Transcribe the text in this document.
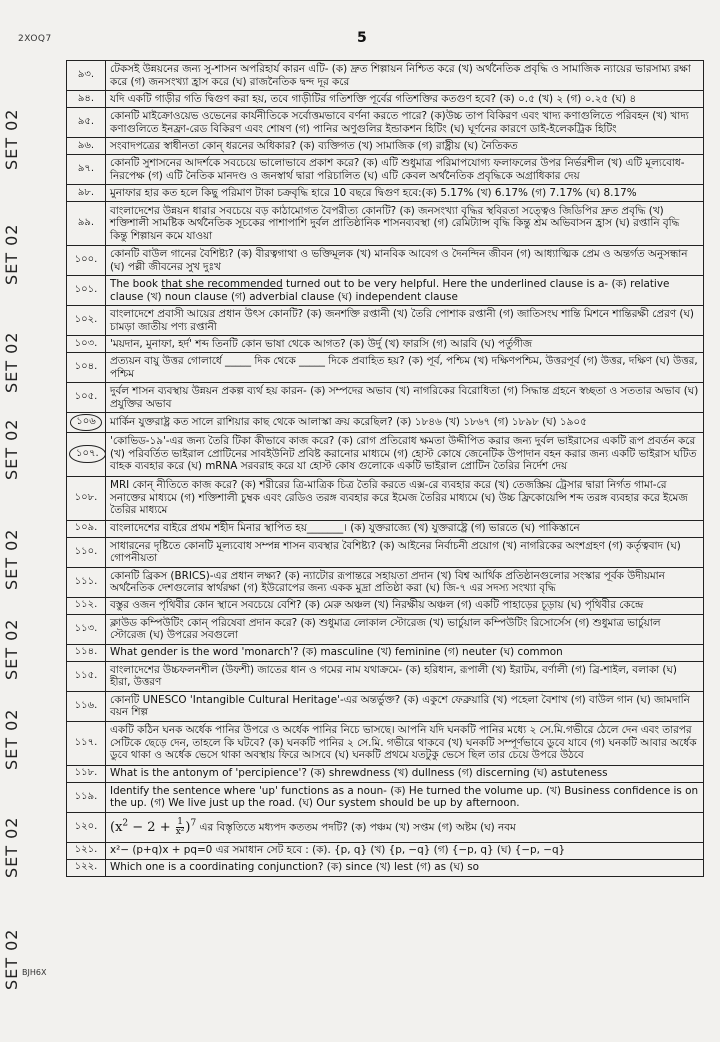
2XOQ7	5
BJH6X
SET 02
SET 02
SET 02
SET 02
SET 02
SET 02
SET 02
SET 02
SET 02
৯৩.	টেকসই উন্নয়নের জন্য সু-শাসন অপরিহার্য কারন এটি- (ক) দ্রুত শিল্পায়ন নিশ্চিত করে (খ) অর্থনৈতিক প্রবৃদ্ধি ও সামাজিক ন্যায়ের ভারসাম্য রক্ষা করে (গ) জনসংখ্যা হ্রাস করে (ঘ) রাজনৈতিক দ্বন্দ দূর করে
৯৪.	যদি একটি গাড়ীর গতি দ্বিগুণ করা হয়, তবে গাড়ীটির গতিশক্তি পূর্বের গতিশক্তির কতগুণ হবে? (ক) ০.৫ (খ) ২ (গ) ০.২৫ (ঘ) ৪
৯৫.	কোনটি মাইক্রোওয়েভ ওভেনের কার্যনীতিকে সর্বোত্তমভাবে বর্ণনা করতে পারে? (ক)উচ্চ তাপ বিকিরণ এবং খাদ্য কণাগুলিতে পরিবহন (খ) খাদ্য কণাগুলিতে ইনফ্রা-রেড বিকিরণ এবং শোষণ (গ) পানির অণুগুলির ইন্ডাকশন হিটিং (ঘ) ঘূর্ণনের কারণে ডাই-ইলেকট্রিক হিটিং
৯৬.	সংবাদপত্রের স্বাধীনতা কোন্ ধরনের অধিকার? (ক) ব্যক্তিগত (খ) সামাজিক (গ) রাষ্ট্রীয় (ঘ) নৈতিকত
৯৭.	কোনটি সুশাসনের আদর্শকে সবচেয়ে ভালোভাবে প্রকাশ করে? (ক) এটি শুধুমাত্র পরিমাপযোগ্য ফলাফলের উপর নির্ভরশীল (খ) এটি মূল্যবোধ-নিরপেক্ষ (গ) এটি নৈতিক মানদণ্ড ও জনস্বার্থ দ্বারা পরিচালিত (ঘ) এটি কেবল অর্থনৈতিক প্রবৃদ্ধিকে অগ্রাধিকার দেয়
৯৮.	মুনাফার হার কত হলে কিছু পরিমাণ টাকা চক্রবৃদ্ধি হারে 10 বছরে দ্বিগুণ হবে:(ক) 5.17% (খ) 6.17% (গ) 7.17% (ঘ) 8.17%
৯৯.	বাংলাদেশের উন্নয়ন ধারার সবচেয়ে বড় কাঠামোগত বৈপরীত্য কোনটি? (ক) জনসংখ্যা বৃদ্ধির স্থবিরতা সত্ত্বেও জিডিপির দ্রুত প্রবৃদ্ধি (খ) শক্তিশালী সামষ্টিক অর্থনৈতিক সূচকের পাশাপাশি দুর্বল প্রাতিষ্ঠানিক শাসনব্যবস্থা (গ) রেমিট্যান্স বৃদ্ধি কিন্তু শ্রম অভিবাসন হ্রাস (ঘ) রপ্তানি বৃদ্ধি কিন্তু শিল্পায়ন কমে যাওয়া
১০০.	কোনটি বাউল গানের বৈশিষ্ট্য? (ক) বীরত্বগাথা ও ভক্তিমূলক (খ) মানবিক আবেগ ও দৈনন্দিন জীবন (গ) আধ্যাত্মিক প্রেম ও অন্তর্গত অনুসন্ধান (ঘ) পল্লী জীবনের সুখ দুঃখ
১০১.	The book that she recommended turned out to be very helpful. Here the underlined clause is a- (ক) relative clause (খ) noun clause (গ) adverbial clause (ঘ) independent clause
১০২.	বাংলাদেশে প্রবাসী আয়ের প্রধান উৎস কোনটি? (ক) জনশক্তি রপ্তানী (খ) তৈরি পোশাক রপ্তানী (গ) জাতিসংঘ শান্তি মিশনে শান্তিরক্ষী প্রেরণ (ঘ) চামড়া জাতীয় পণ্য রপ্তানী
১০৩.	'ময়দান, মুনাফা, হর্দ' শব্দ তিনটি কোন ভাষা থেকে আগত? (ক) উর্দু (খ) ফারসি (গ) আরবি (ঘ) পর্তুগীজ
১০৪.	প্রত্যয়ন বায়ু উত্তর গোলার্ধে _____ দিক থেকে _____ দিকে প্রবাহিত হয়? (ক) পূর্ব, পশ্চিম (খ) দক্ষিণপশ্চিম, উত্তরপূর্ব (গ) উত্তর, দক্ষিণ (ঘ) উত্তর, পশ্চিম
১০৫.	দুর্বল শাসন ব্যবস্থায় উন্নয়ন প্রকল্প ব্যর্থ হয় কারন- (ক) সম্পদের অভাব (খ) নাগরিকের বিরোধিতা (গ) সিদ্ধান্ত গ্রহনে স্বচ্ছতা ও সততার অভাব (ঘ) প্রযুক্তির অভাব
১০৬	মার্কিন যুক্তরাষ্ট্র কত সালে রাশিয়ার কাছ থেকে আলাস্কা ক্রয় করেছিল? (ক) ১৮৪৬ (খ) ১৮৬৭ (গ) ১৮৯৮ (ঘ) ১৯০৫
১০৭.	'কোভিড-১৯'-এর জন্য তৈরি টিকা কীভাবে কাজ করে? (ক) রোগ প্রতিরোধ ক্ষমতা উদ্দীপিত করার জন্য দুর্বল ভাইরাসের একটি রূপ প্রবর্তন করে (খ) পরিবর্তিত ভাইরাল প্রোটিনের সাবইউনিট প্রবিষ্ট করানোর মাধ্যমে (গ) হোস্ট কোষে জেনেটিক উপাদান বহন করার জন্য একটি ভাইরাস ঘটিত বাহক ব্যবহার করে (ঘ) mRNA সরবরাহ করে যা হোস্ট কোষ গুলোকে একটি ভাইরাল প্রোটিন তৈরির নির্দেশ দেয়
১০৮.	MRI কোন্ নীতিতে কাজ করে? (ক) শরীরের ত্রি-মাত্রিক চিত্র তৈরি করতে এক্স-রে ব্যবহার করে (খ) তেজস্ক্রিয় ট্রেসার দ্বারা নির্গত গামা-রে সনাক্তের মাধ্যমে (গ) শক্তিশালী চুম্বক এবং রেডিও তরঙ্গ ব্যবহার করে ইমেজ তৈরির মাধ্যমে (ঘ) উচ্চ ফ্রিকোয়েন্সি শব্দ তরঙ্গ ব্যবহার করে ইমেজ তৈরির মাধ্যমে
১০৯.	বাংলাদেশের বাইরে প্রথম শহীদ মিনার স্থাপিত হয়_______। (ক) যুক্তরাজ্যে (খ) যুক্তরাষ্ট্রে (গ) ভারতে (ঘ) পাকিস্তানে
১১০.	সাধারনের দৃষ্টিতে কোনটি মূল্যবোধ সম্পন্ন শাসন ব্যবস্থার বৈশিষ্ট্য? (ক) আইনের নির্বাচনী প্রয়োগ (খ) নাগরিকের অংশগ্রহণ (গ) কর্তৃত্ববাদ (ঘ) গোপনীয়তা
১১১.	কোনটি ব্রিকস (BRICS)-এর প্রধান লক্ষ্য? (ক) ন্যাটোর রূপান্তরে সহায়তা প্রদান (খ) বিশ্ব আর্থিক প্রতিষ্ঠানগুলোর সংস্কার পূর্বক উদীয়মান অর্থনৈতিক দেশগুলোর স্বার্থরক্ষা (গ) ইউরোপের জন্য একক মুদ্রা প্রতিষ্ঠা করা (ঘ) জি-৭ এর সদস্য সংখ্যা বৃদ্ধি
১১২.	বস্তুর ওজন পৃথিবীর কোন স্থানে সবচেয়ে বেশি? (ক) মেরু অঞ্চল (খ) নিরক্ষীয় অঞ্চল (গ) একটি পাহাড়ের চূড়ায় (ঘ) পৃথিবীর কেন্দ্রে
১১৩.	ক্লাউড কম্পিউটিং কোন্ পরিষেবা প্রদান করে? (ক) শুধুমাত্র লোকাল স্টোরেজ (খ) ভার্চুয়াল কম্পিউটিং রিসোর্সেস (গ) শুধুমাত্র ভার্চুয়াল স্টোরেজ (ঘ) উপরের সবগুলো
১১৪.	What gender is the word 'monarch'? (ক) masculine (খ) feminine (গ) neuter (ঘ) common
১১৫.	বাংলাদেশের উচ্চফলনশীল (উফশী) জাতের ধান ও গমের নাম যথাক্রমে- (ক) হরিধান, রূপালী (খ) ইরাটম, বর্ণালী (গ) ব্রি-শাইল, বলাকা (ঘ) হীরা, উত্তরণ
১১৬.	কোনটি UNESCO 'Intangible Cultural Heritage'-এর অন্তর্ভুক্ত? (ক) একুশে ফেব্রুয়ারি (খ) পহেলা বৈশাখ (গ) বাউল গান (ঘ) জামদানি বয়ন শিল্প
১১৭.	একটি কঠিন ঘনক অর্ধেক পানির উপরে ও অর্ধেক পানির নিচে ভাসছে। আপনি যদি ঘনকটি পানির মধ্যে ২ সে.মি.গভীরে ঠেলে দেন এবং তারপর সেটিকে ছেড়ে দেন, তাহলে কি ঘটবে? (ক) ঘনকটি পানির ২ সে.মি. গভীরে থাকবে (খ) ঘনকটি সম্পূর্ণভাবে ডুবে যাবে (গ) ঘনকটি আবার অর্ধেক ডুবে থাকা ও অর্ধেক ভেসে থাকা অবস্থায় ফিরে আসবে (ঘ) ঘনকটি প্রথমে যতটুকু ভেসে ছিল তার চেয়ে উপরে উঠবে
১১৮.	What is the antonym of 'percipience'? (ক) shrewdness (খ) dullness (গ) discerning (ঘ) astuteness
১১৯.	Identify the sentence where 'up' functions as a noun- (ক) He turned the volume up. (খ) Business confidence is on the up. (গ) We live just up the road. (ঘ) Our system should be up by afternoon.
১২০.	$(x^2 - 2 + \frac{1}{\text{x²}} )^7$ এর বিস্তৃতিতে মধ্যপদ কততম পদটি? (ক) পঞ্চম (খ) সপ্তম (গ) অষ্টম (ঘ) নবম
১২১.	x²− (p+q)x + pq=0 এর সমাধান সেট হবে : (ক). {p, q} (খ) {p, −q} (গ) {−p, q} (ঘ) {−p, −q}
১২২.	Which one is a coordinating conjunction? (ক) since (খ) lest (গ) as (ঘ) so
